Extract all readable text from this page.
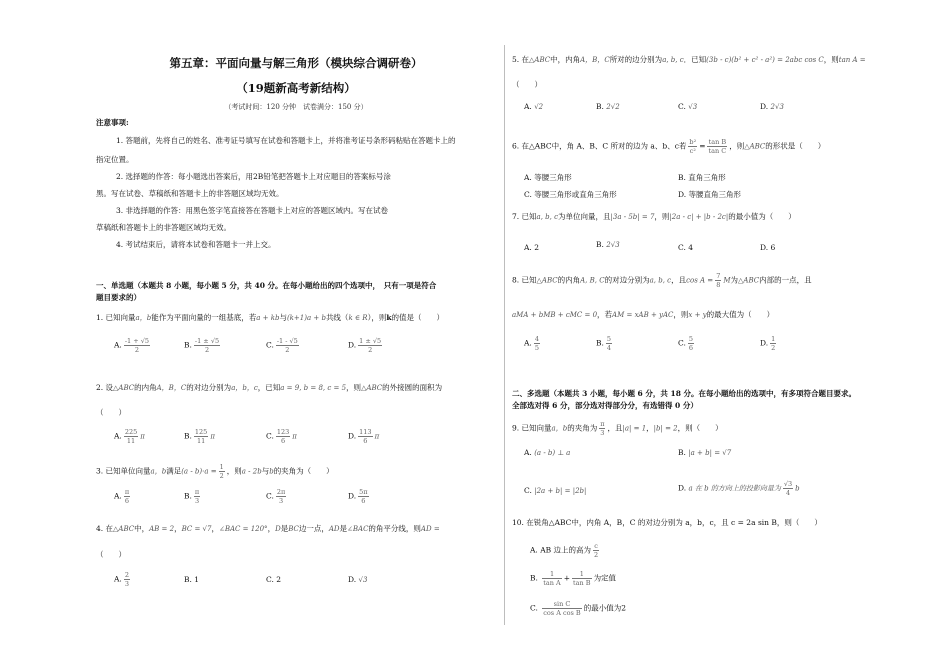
第五章：平面向量与解三角形（模块综合调研卷）
（19题新高考新结构）
（考试时间：120 分钟　试卷满分：150 分）
注意事项:
1. 答题前，先将自己的姓名、准考证号填写在试卷和答题卡上，并将准考证号条形码粘贴在答题卡上的
指定位置。
2. 选择题的作答：每小题选出答案后，用2B铅笔把答题卡上对应题目的答案标号涂
黑。写在试卷、草稿纸和答题卡上的非答题区域均无效。
3. 非选择题的作答：用黑色签字笔直接答在答题卡上对应的答题区域内。写在试卷
草稿纸和答题卡上的非答题区域均无效。
4. 考试结束后，请将本试卷和答题卡一并上交。
一、单选题（本题共 8 小题，每小题 5 分，共 40 分。在每小题给出的四个选项中，　只有一项是符合
题目要求的）
1. 已知向量a，b能作为平面向量的一组基底，若a + kb与(k+1)a + b共线（k ∈ R），则k的值是（　　）
A. $\frac{-1 + √5}{2}$	B. $\frac{-1 \pm √5}{2}$	C. $\frac{-1 - √5}{2}$	D. $\frac{1 \pm √5}{2}$
2. 设△ABC的内角A，B，C的对边分别为a，b，c，已知a = 9, b = 8, c = 5，则△ABC的外接圆的面积为
（　　）
A. $\frac{225}{11}$ π	B. $\frac{125}{11}$ π	C. $\frac{123}{6}$ π	D. $\frac{113}{6}$ π
3. 已知单位向量a，b满足$(a - b)\cdot a = \frac{1}{2}$ ，则a - 2b与b的夹角为（　　）
A. $\frac{\pi}{6}$	B. $\frac{\pi}{3}$	C. $\frac{2\pi}{3}$	D. $\frac{5\pi}{6}$
4. 在△ABC中，AB = 2，BC = √7，∠BAC = 120°，D是BC边一点，AD是∠BAC的角平分线，则AD =
（　　）
A. $\frac{2}{3}$	B. 1	C. 2	D. √3
5. 在△ABC中，内角A，B，C所对的边分别为a, b, c．已知(3b - c)(b² + c² - a²) = 2abc cos C，则tan A =
（　　）
A. √2	B. 2√2	C. √3	D. 2√3
6. 在△ABC中，角 A、B、C 所对的边为 a、b、c若 $\frac{\text{b²}}{\text{c²}} = \frac{\text{tan B}}{\text{tan C}}$ ，则△ABC的形状是（　　）
A. 等腰三角形	B. 直角三角形
C. 等腰三角形或直角三角形	D. 等腰直角三角形
7. 已知a, b, c为单位向量，且|3a - 5b| = 7，则|2a - c| + |b - 2c|的最小值为（　　）
A. 2	B. 2√3	C. 4	D. 6
8. 已知△ABC的内角A, B, C的对边分别为a, b, c，且$\cos A = \frac{7}{8}$ M为△ABC内部的一点，且
aMA + bMB + cMC = 0，若AM = xAB + yAC，则x + y的最大值为（　　）
A. $\frac{4}{5}$	B. $\frac{5}{4}$	C. $\frac{5}{6}$	D. $\frac{1}{2}$
二、多选题（本题共 3 小题，每小题 6 分，共 18 分。在每小题给出的选项中，有多项符合题目要求。
全部选对得 6 分，部分选对得部分分，有选错得 0 分）
9. 已知向量a，b的夹角为 $\frac{\pi}{3}$ ，且|a| = 1，|b| = 2，则（　　）
A. (a - b) ⊥ a	B. |a + b| = √7
C. |2a + b| = |2b|	D. a 在 b 的方向上的投影向量为 $\frac{√3}{4}$ b
10. 在锐角△ABC中，内角 A，B，C 的对边分别为 a，b，c，且 c = 2a sin B，则（　　）
A. AB 边上的高为 $\frac{c}{2}$
B. $\frac{1}{\text{tan A}} + \frac{1}{\text{tan B}}$ 为定值
C. $\frac{\text{sin C}}{\text{cos A cos B}}$ 的最小值为2
